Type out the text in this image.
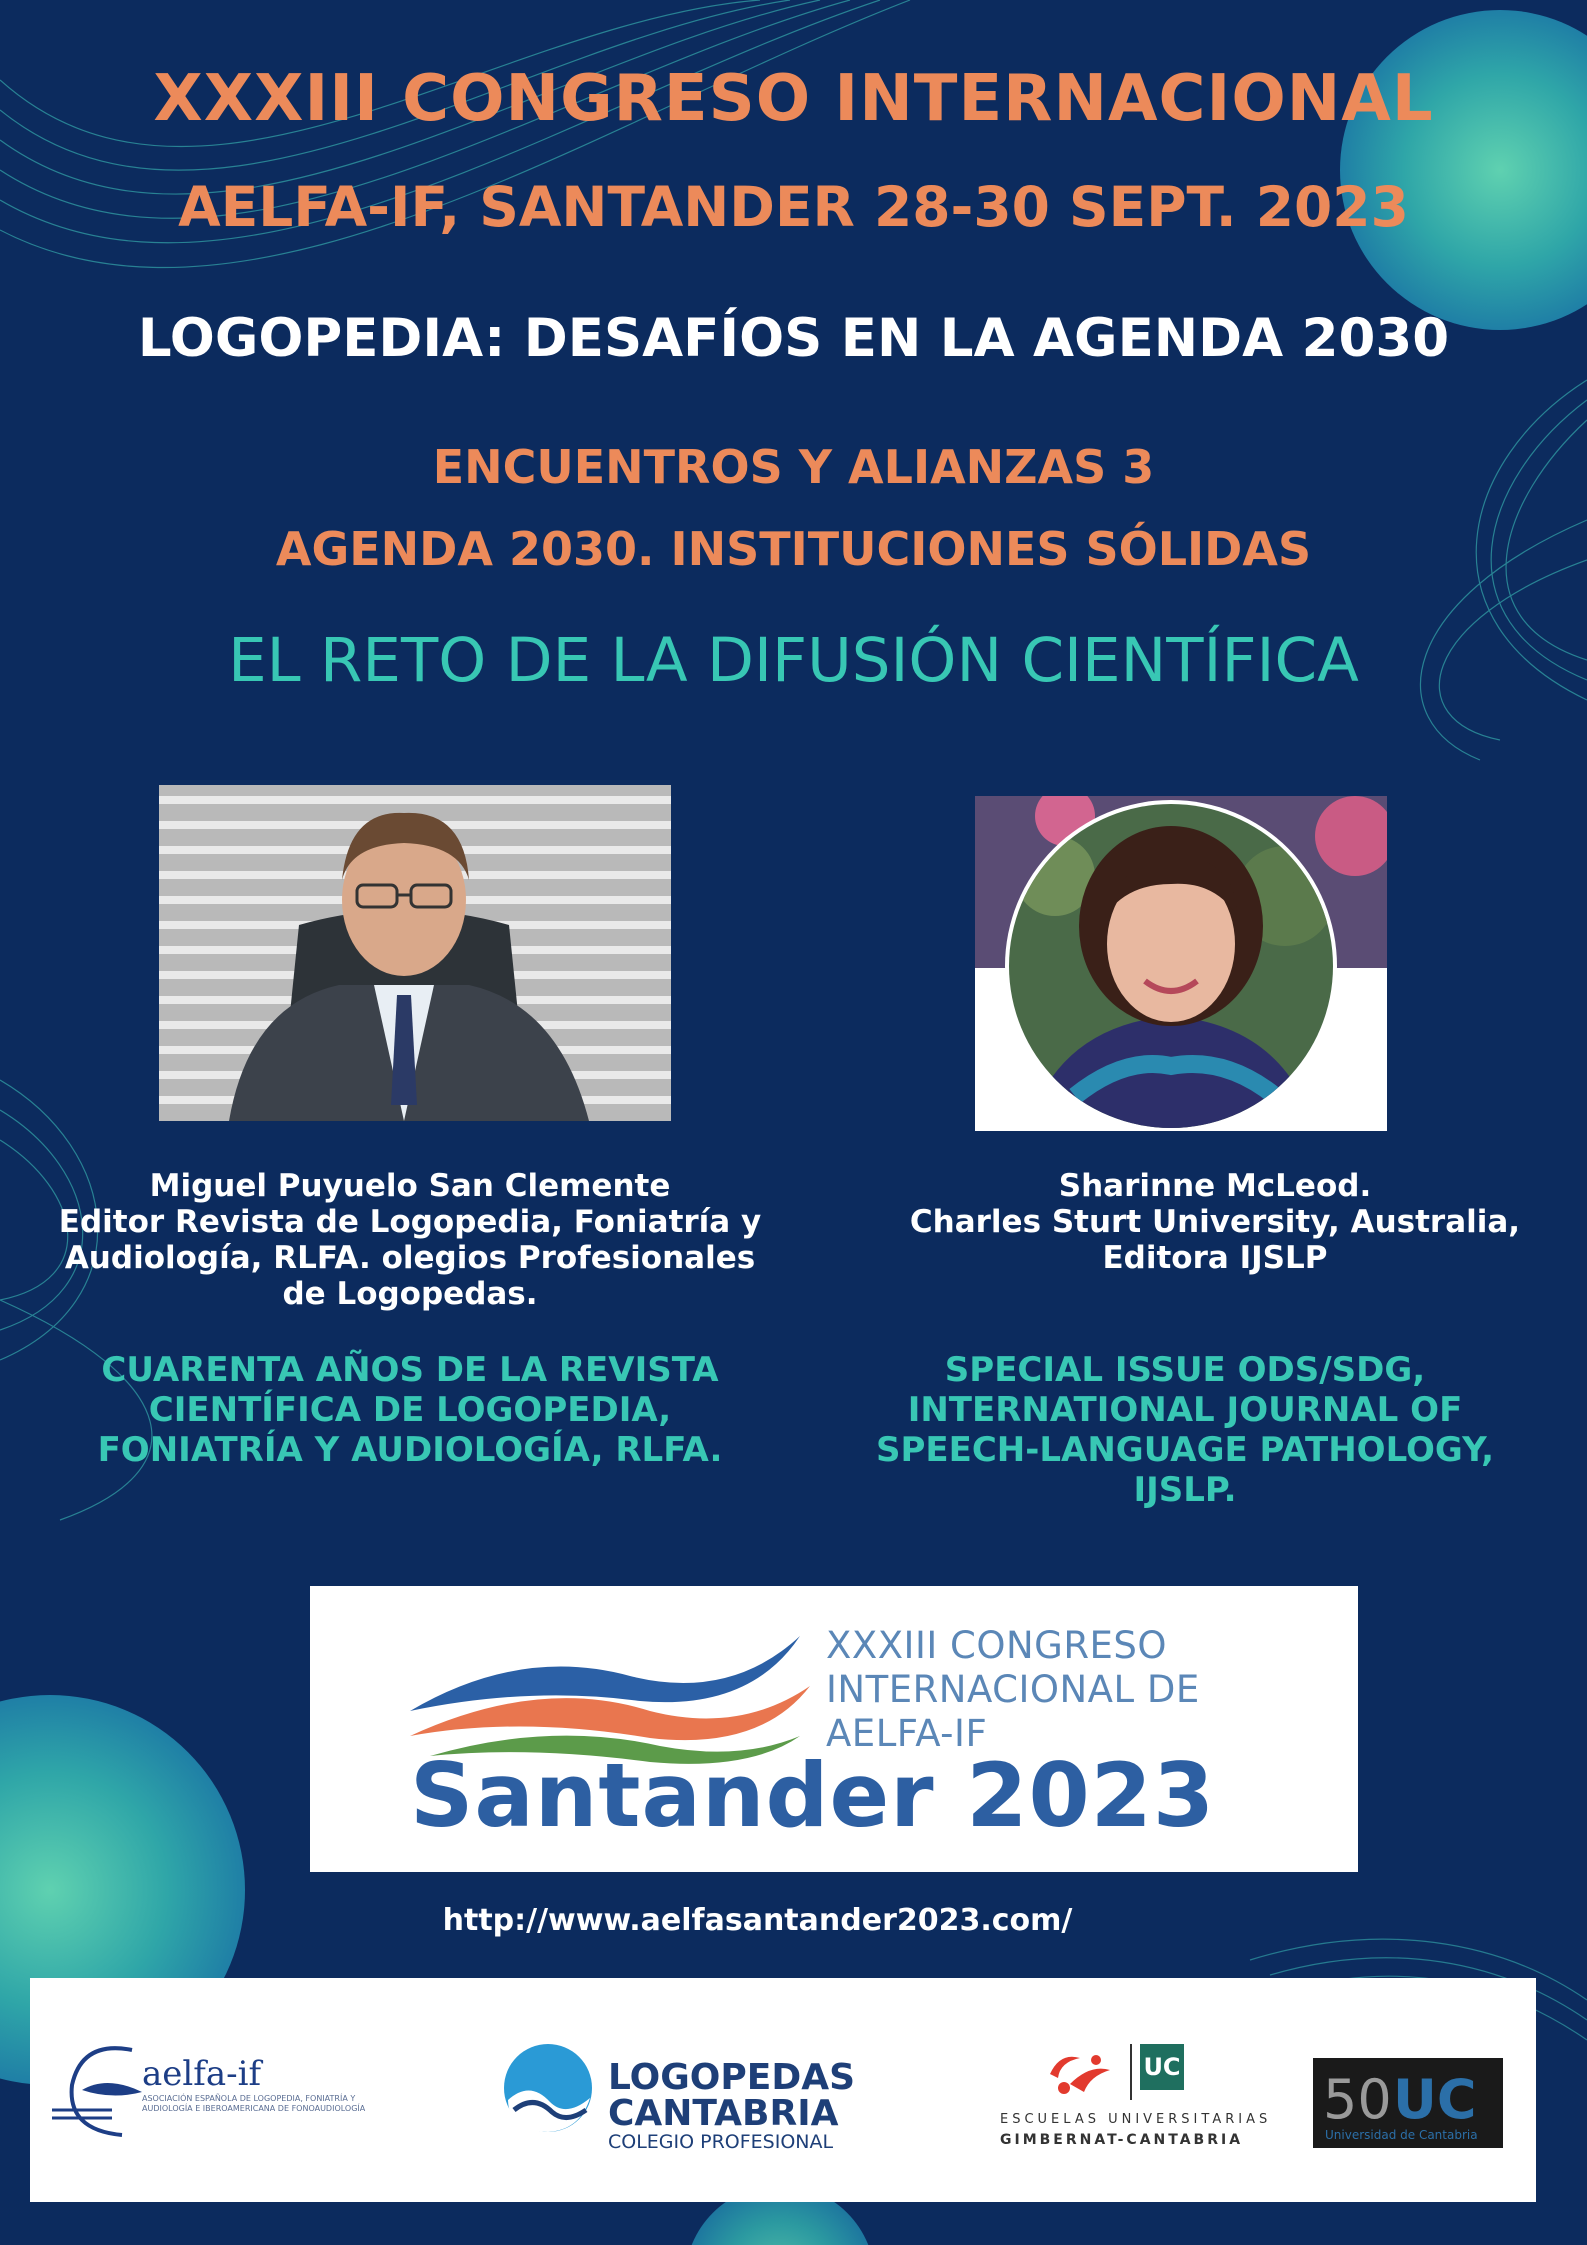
XXXIII CONGRESO INTERNACIONAL
AELFA-IF, SANTANDER 28-30 SEPT. 2023
LOGOPEDIA: DESAFÍOS EN LA AGENDA 2030
ENCUENTROS Y ALIANZAS 3
AGENDA 2030. INSTITUCIONES SÓLIDAS
EL RETO DE LA DIFUSIÓN CIENTÍFICA
Miguel Puyuelo San Clemente
Editor Revista de Logopedia, Foniatría y
Audiología, RLFA. olegios Profesionales
de Logopedas.
Sharinne McLeod.
Charles Sturt University, Australia,
Editora IJSLP
CUARENTA AÑOS DE LA REVISTA
CIENTÍFICA DE LOGOPEDIA,
FONIATRÍA Y AUDIOLOGÍA, RLFA.
SPECIAL ISSUE ODS/SDG,
INTERNATIONAL JOURNAL OF
SPEECH-LANGUAGE PATHOLOGY,
IJSLP.
XXXIII CONGRESO
INTERNACIONAL DE
AELFA-IF
Santander 2023
http://www.aelfasantander2023.com/
aelfa-if
ASOCIACIÓN ESPAÑOLA DE LOGOPEDIA, FONIATRÍA Y AUDIOLOGÍA E IBEROAMERICANA DE FONOAUDIOLOGÍA
LOGOPEDAS
CANTABRIA
COLEGIO PROFESIONAL
UC
ESCUELAS UNIVERSITARIAS
GIMBERNAT-CANTABRIA
50 UC
Universidad de Cantabria
